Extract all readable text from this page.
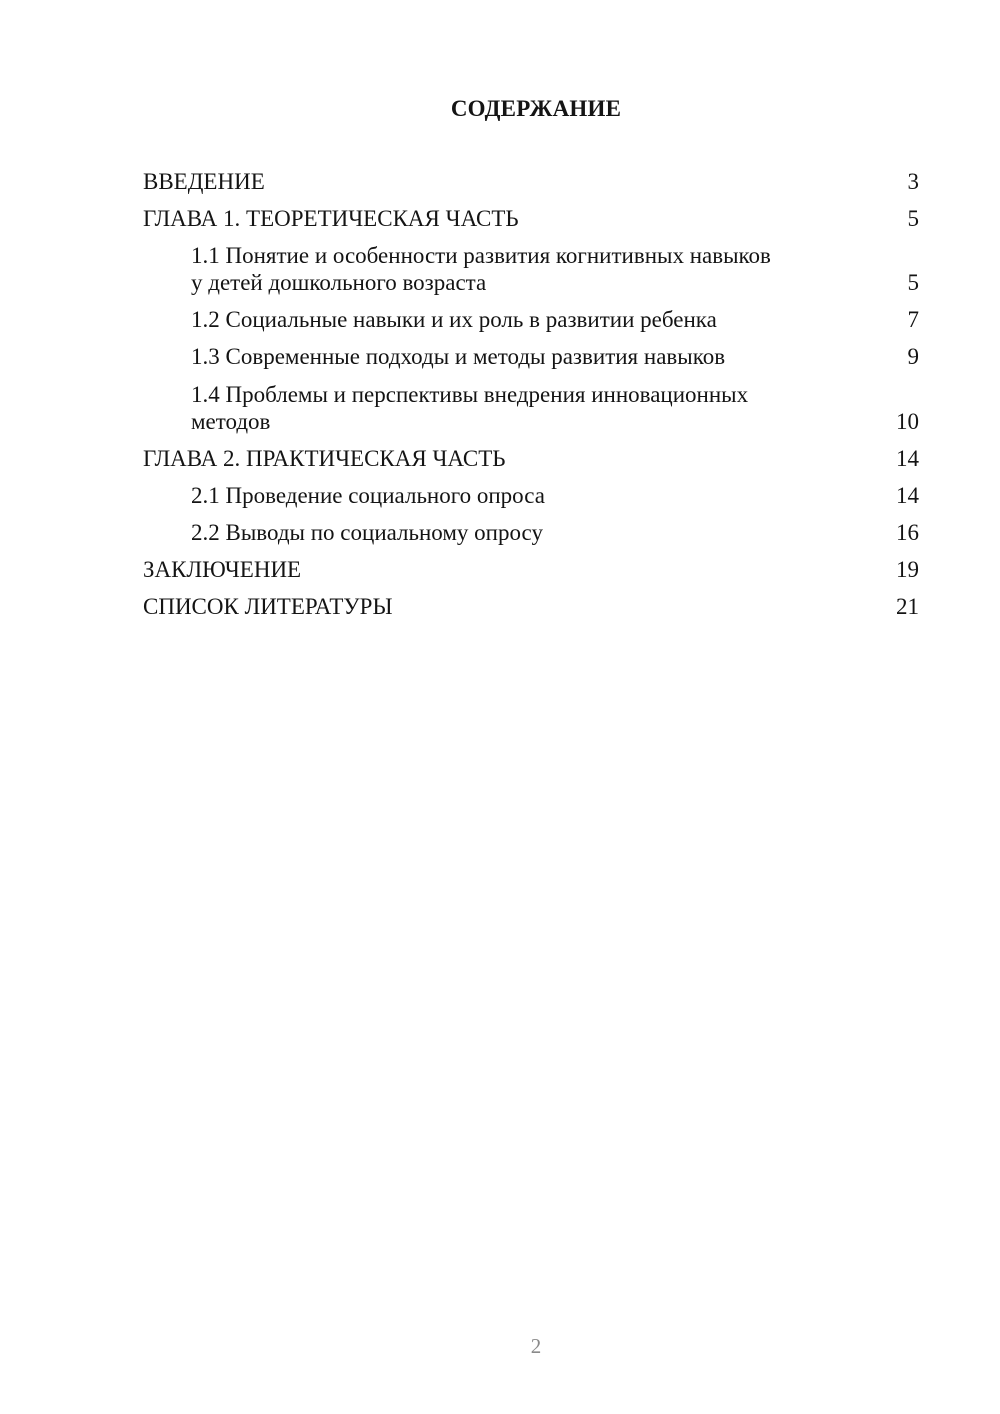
СОДЕРЖАНИЕ
ВВЕДЕНИЕ	3
ГЛАВА 1. ТЕОРЕТИЧЕСКАЯ ЧАСТЬ	5
1.1 Понятие и особенности развития когнитивных навыков
у детей дошкольного возраста	5
1.2 Социальные навыки и их роль в развитии ребенка	7
1.3 Современные подходы и методы развития навыков	9
1.4 Проблемы и перспективы внедрения инновационных
методов	10
ГЛАВА 2. ПРАКТИЧЕСКАЯ ЧАСТЬ	14
2.1 Проведение социального опроса	14
2.2 Выводы по социальному опросу	16
ЗАКЛЮЧЕНИЕ	19
СПИСОК ЛИТЕРАТУРЫ	21
2
